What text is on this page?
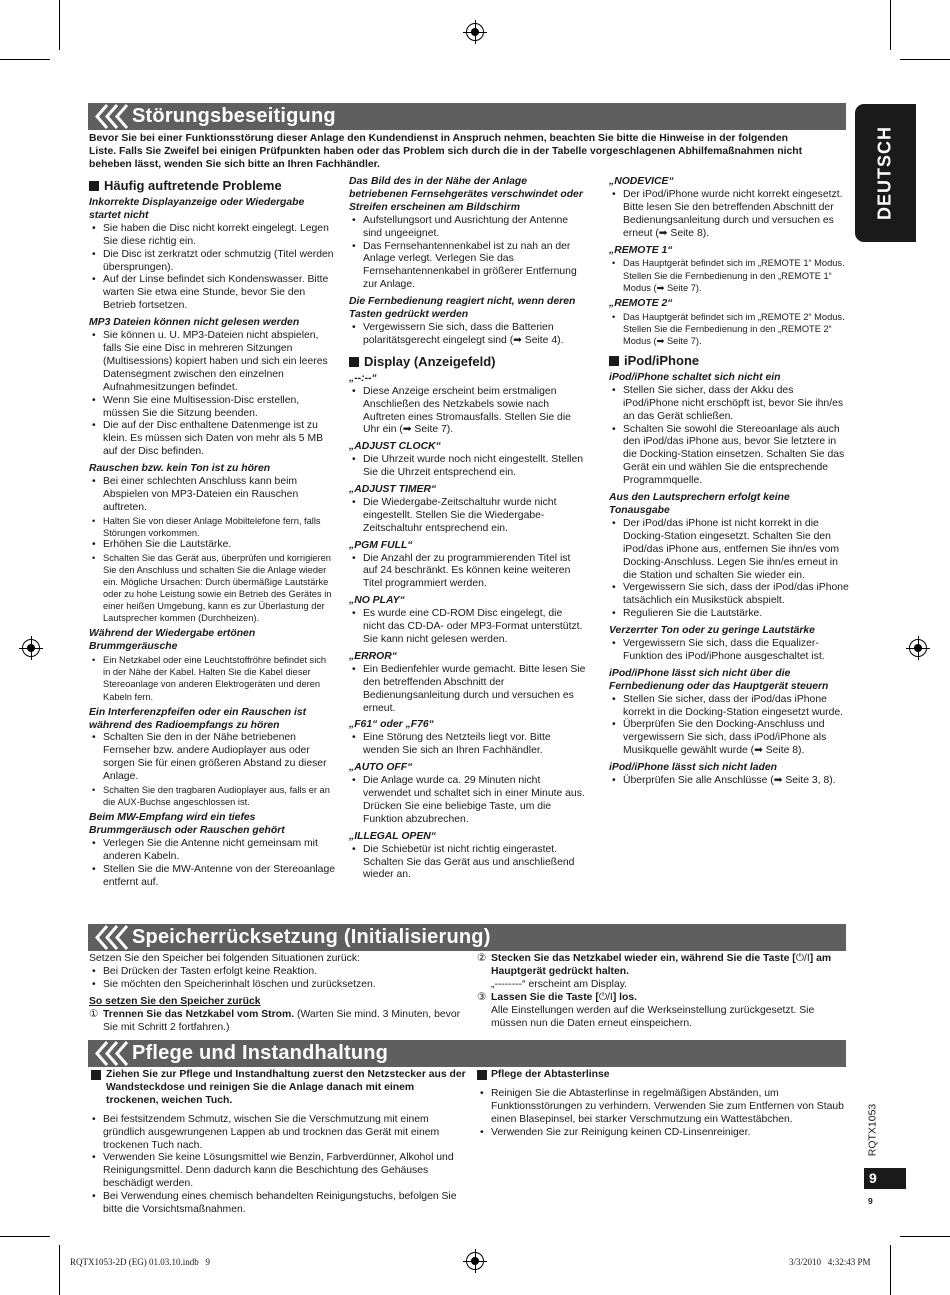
DEUTSCH
Störungsbeseitigung
Bevor Sie bei einer Funktionsstörung dieser Anlage den Kundendienst in Anspruch nehmen, beachten Sie bitte die Hinweise in der folgenden Liste. Falls Sie Zweifel bei einigen Prüfpunkten haben oder das Problem sich durch die in der Tabelle vorgeschlagenen Abhilfemaßnahmen nicht beheben lässt, wenden Sie sich bitte an Ihren Fachhändler.
Häufig auftretende Probleme
Inkorrekte Displayanzeige oder Wiedergabe startet nicht
• Sie haben die Disc nicht korrekt eingelegt. Legen Sie diese richtig ein.
• Die Disc ist zerkratzt oder schmutzig (Titel werden übersprungen).
• Auf der Linse befindet sich Kondenswasser. Bitte warten Sie etwa eine Stunde, bevor Sie den Betrieb fortsetzen.
MP3 Dateien können nicht gelesen werden
• Sie können u. U. MP3-Dateien nicht abspielen, falls Sie eine Disc in mehreren Sitzungen (Multisessions) kopiert haben und sich ein leeres Datensegment zwischen den einzelnen Aufnahmesitzungen befindet.
• Wenn Sie eine Multisession-Disc erstellen, müssen Sie die Sitzung beenden.
• Die auf der Disc enthaltene Datenmenge ist zu klein. Es müssen sich Daten von mehr als 5 MB auf der Disc befinden.
Rauschen bzw. kein Ton ist zu hören
• Bei einer schlechten Anschluss kann beim Abspielen von MP3-Dateien ein Rauschen auftreten.
• Halten Sie von dieser Anlage Mobiltelefone fern, falls Störungen vorkommen.
• Erhöhen Sie die Lautstärke.
• Schalten Sie das Gerät aus, überprüfen und korrigieren Sie den Anschluss und schalten Sie die Anlage wieder ein. Mögliche Ursachen: Durch übermäßige Lautstärke oder zu hohe Leistung sowie ein Betrieb des Gerätes in einer heißen Umgebung, kann es zur Überlastung der Lautsprecher kommen (Durchheizen).
Während der Wiedergabe ertönen Brummgeräusche
• Ein Netzkabel oder eine Leuchtstoffröhre befindet sich in der Nähe der Kabel. Halten Sie die Kabel dieser Stereoanlage von anderen Elektrogeräten und deren Kabeln fern.
Ein Interferenzpfeifen oder ein Rauschen ist während des Radioempfangs zu hören
• Schalten Sie den in der Nähe betriebenen Fernseher bzw. andere Audioplayer aus oder sorgen Sie für einen größeren Abstand zu dieser Anlage.
• Schalten Sie den tragbaren Audioplayer aus, falls er an die AUX-Buchse angeschlossen ist.
Beim MW-Empfang wird ein tiefes Brummgeräusch oder Rauschen gehört
• Verlegen Sie die Antenne nicht gemeinsam mit anderen Kabeln.
• Stellen Sie die MW-Antenne von der Stereoanlage entfernt auf.
Das Bild des in der Nähe der Anlage betriebenen Fernsehgerätes verschwindet oder Streifen erscheinen am Bildschirm
• Aufstellungsort und Ausrichtung der Antenne sind ungeeignet.
• Das Fernsehantennenkabel ist zu nah an der Anlage verlegt. Verlegen Sie das Fernsehantennenkabel in größerer Entfernung zur Anlage.
Die Fernbedienung reagiert nicht, wenn deren Tasten gedrückt werden
• Vergewissern Sie sich, dass die Batterien polaritätsgerecht eingelegt sind (➡ Seite 4).
Display (Anzeigefeld)
„--:--“
• Diese Anzeige erscheint beim erstmaligen Anschließen des Netzkabels sowie nach Auftreten eines Stromausfalls. Stellen Sie die Uhr ein (➡ Seite 7).
„ADJUST CLOCK“
• Die Uhrzeit wurde noch nicht eingestellt. Stellen Sie die Uhrzeit entsprechend ein.
„ADJUST TIMER“
• Die Wiedergabe-Zeitschaltuhr wurde nicht eingestellt. Stellen Sie die Wiedergabe-Zeitschaltuhr entsprechend ein.
„PGM FULL“
• Die Anzahl der zu programmierenden Titel ist auf 24 beschränkt. Es können keine weiteren Titel programmiert werden.
„NO PLAY“
• Es wurde eine CD-ROM Disc eingelegt, die nicht das CD-DA- oder MP3-Format unterstützt. Sie kann nicht gelesen werden.
„ERROR“
• Ein Bedienfehler wurde gemacht. Bitte lesen Sie den betreffenden Abschnitt der Bedienungsanleitung durch und versuchen es erneut.
„F61“ oder „F76“
• Eine Störung des Netzteils liegt vor. Bitte wenden Sie sich an Ihren Fachhändler.
„AUTO OFF“
• Die Anlage wurde ca. 29 Minuten nicht verwendet und schaltet sich in einer Minute aus. Drücken Sie eine beliebige Taste, um die Funktion abzubrechen.
„ILLEGAL OPEN“
• Die Schiebetür ist nicht richtig eingerastet. Schalten Sie das Gerät aus und anschließend wieder an.
„NODEVICE“
• Der iPod/iPhone wurde nicht korrekt eingesetzt. Bitte lesen Sie den betreffenden Abschnitt der Bedienungsanleitung durch und versuchen es erneut (➡ Seite 8).
„REMOTE 1“
• Das Hauptgerät befindet sich im „REMOTE 1“ Modus. Stellen Sie die Fernbedienung in den „REMOTE 1“ Modus (➡ Seite 7).
„REMOTE 2“
• Das Hauptgerät befindet sich im „REMOTE 2“ Modus. Stellen Sie die Fernbedienung in den „REMOTE 2“ Modus (➡ Seite 7).
iPod/iPhone
iPod/iPhone schaltet sich nicht ein
• Stellen Sie sicher, dass der Akku des iPod/iPhone nicht erschöpft ist, bevor Sie ihn/es an das Gerät schließen.
• Schalten Sie sowohl die Stereoanlage als auch den iPod/das iPhone aus, bevor Sie letztere in die Docking-Station einsetzen. Schalten Sie das Gerät ein und wählen Sie die entsprechende Programmquelle.
Aus den Lautsprechern erfolgt keine Tonausgabe
• Der iPod/das iPhone ist nicht korrekt in die Docking-Station eingesetzt. Schalten Sie den iPod/das iPhone aus, entfernen Sie ihn/es vom Docking-Anschluss. Legen Sie ihn/es erneut in die Station und schalten Sie wieder ein.
• Vergewissern Sie sich, dass der iPod/das iPhone tatsächlich ein Musikstück abspielt.
• Regulieren Sie die Lautstärke.
Verzerrter Ton oder zu geringe Lautstärke
• Vergewissern Sie sich, dass die Equalizer-Funktion des iPod/iPhone ausgeschaltet ist.
iPod/iPhone lässt sich nicht über die Fernbedienung oder das Hauptgerät steuern
• Stellen Sie sicher, dass der iPod/das iPhone korrekt in die Docking-Station eingesetzt wurde.
• Überprüfen Sie den Docking-Anschluss und vergewissern Sie sich, dass iPod/iPhone als Musikquelle gewählt wurde (➡ Seite 8).
iPod/iPhone lässt sich nicht laden
• Überprüfen Sie alle Anschlüsse (➡ Seite 3, 8).
Speicherrücksetzung (Initialisierung)
Setzen Sie den Speicher bei folgenden Situationen zurück:
• Bei Drücken der Tasten erfolgt keine Reaktion.
• Sie möchten den Speicherinhalt löschen und zurücksetzen.
So setzen Sie den Speicher zurück
① Trennen Sie das Netzkabel vom Strom. (Warten Sie mind. 3 Minuten, bevor Sie mit Schritt 2 fortfahren.)
② Stecken Sie das Netzkabel wieder ein, während Sie die Taste [⏻/I] am Hauptgerät gedrückt halten.
„--------“ erscheint am Display.
③ Lassen Sie die Taste [⏻/I] los.
Alle Einstellungen werden auf die Werkseinstellung zurückgesetzt. Sie müssen nun die Daten erneut einspeichern.
Pflege und Instandhaltung
Ziehen Sie zur Pflege und Instandhaltung zuerst den Netzstecker aus der Wandsteckdose und reinigen Sie die Anlage danach mit einem trockenen, weichen Tuch.
• Bei festsitzendem Schmutz, wischen Sie die Verschmutzung mit einem gründlich ausgewrungenen Lappen ab und trocknen das Gerät mit einem trockenen Tuch nach.
• Verwenden Sie keine Lösungsmittel wie Benzin, Farbverdünner, Alkohol und Reinigungsmittel. Denn dadurch kann die Beschichtung des Gehäuses beschädigt werden.
• Bei Verwendung eines chemisch behandelten Reinigungstuchs, befolgen Sie bitte die Vorsichtsmaßnahmen.
Pflege der Abtasterlinse
• Reinigen Sie die Abtasterlinse in regelmäßigen Abständen, um Funktionsstörungen zu verhindern. Verwenden Sie zum Entfernen von Staub einen Blasepinsel, bei starker Verschmutzung ein Wattestäbchen.
• Verwenden Sie zur Reinigung keinen CD-Linsenreiniger.	RQTX1053
9
9
RQTX1053-2D (EG) 01.03.10.indb   9	3/3/2010   4:32:43 PM
